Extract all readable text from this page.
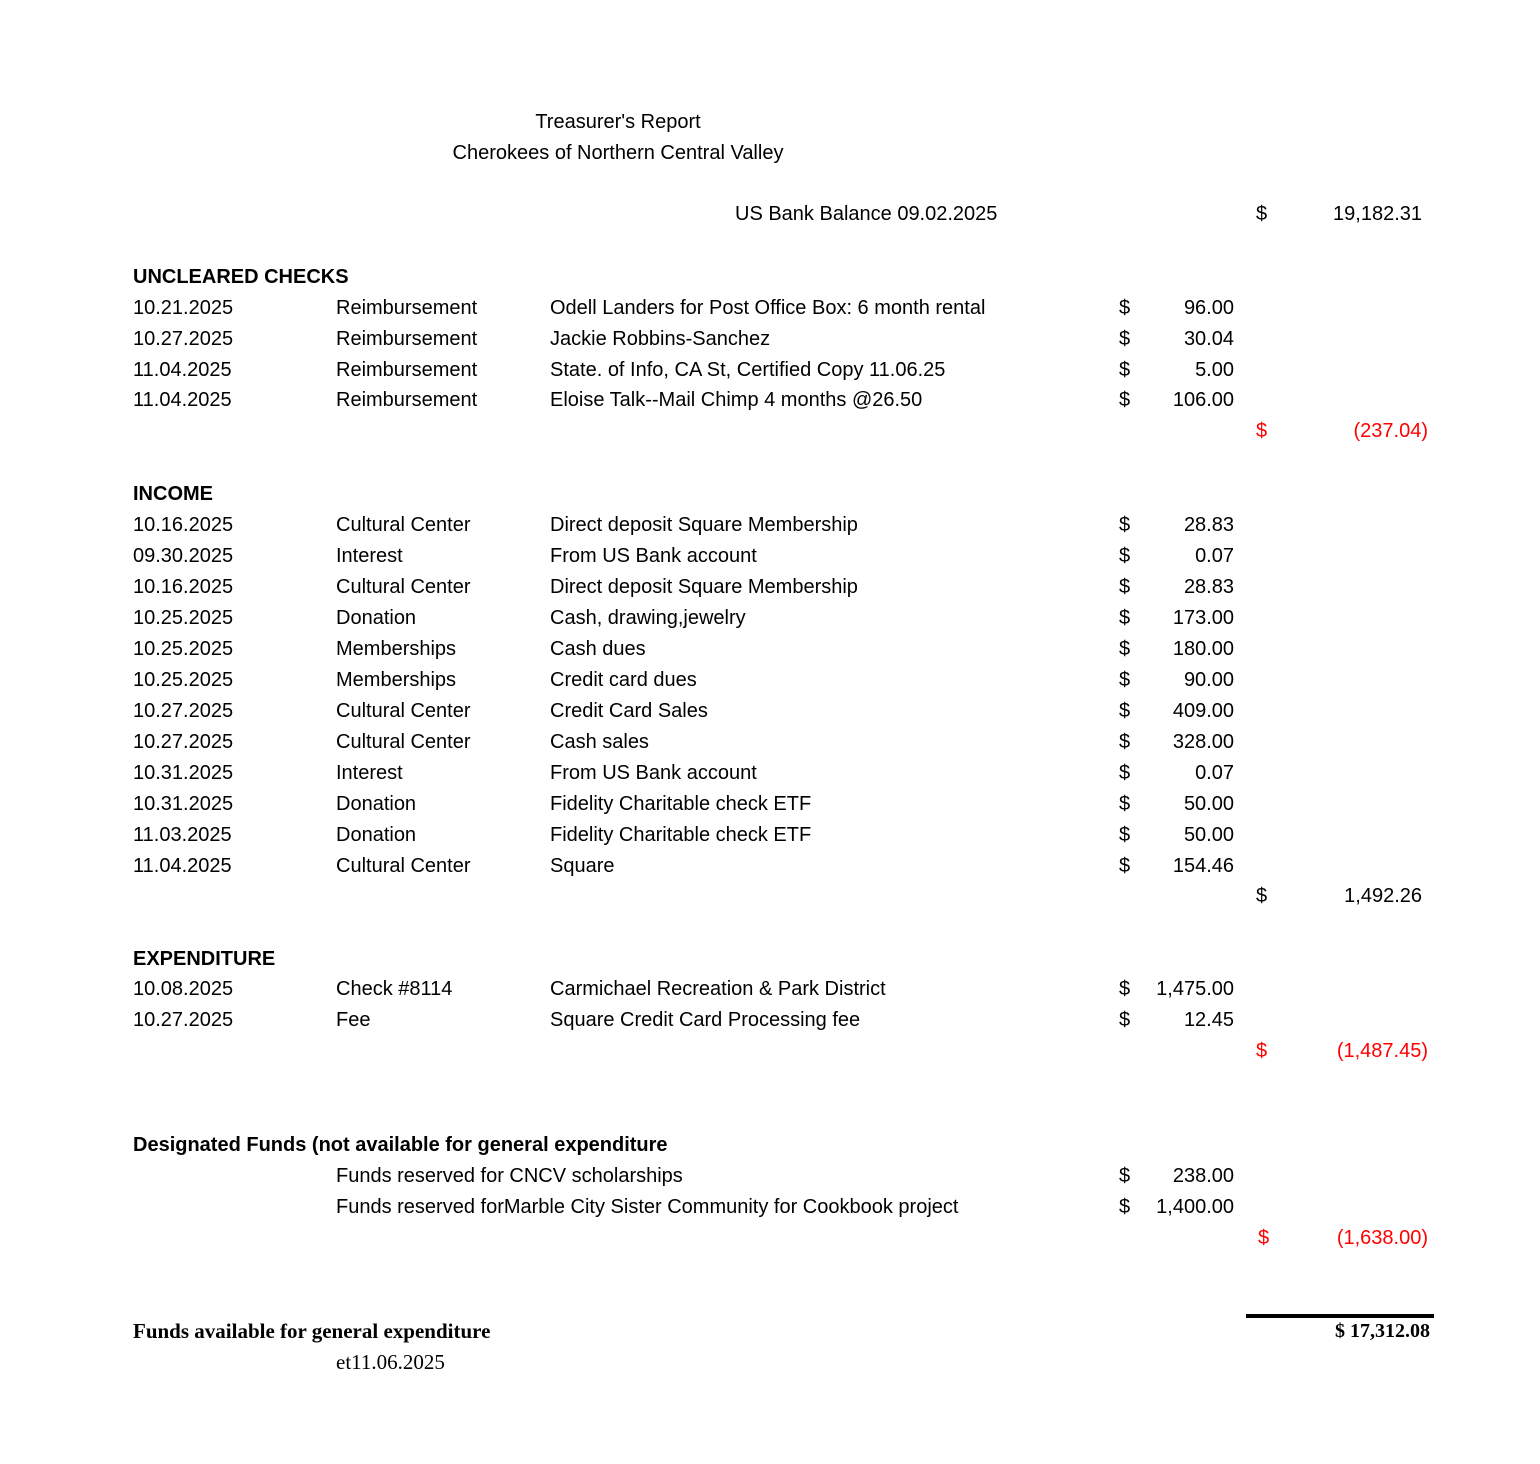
Treasurer's Report
Cherokees of Northern Central Valley
US Bank Balance 09.02.2025	$	19,182.31
UNCLEARED CHECKS
10.21.2025	Reimbursement	Odell Landers for Post Office Box: 6 month rental	$	96.00
10.27.2025	Reimbursement	Jackie Robbins-Sanchez	$	30.04
11.04.2025	Reimbursement	State. of Info, CA St, Certified Copy 11.06.25	$	5.00
11.04.2025	Reimbursement	Eloise Talk--Mail Chimp 4 months @26.50	$ 106.00
$	(237.04)
INCOME
10.16.2025	Cultural Center	Direct deposit Square Membership	$	28.83
09.30.2025	Interest	From US Bank account	$	0.07
10.16.2025	Cultural Center	Direct deposit Square Membership	$	28.83
10.25.2025	Donation	Cash, drawing,jewelry	$ 173.00
10.25.2025	Memberships	Cash dues	$ 180.00
10.25.2025	Memberships	Credit card dues	$	90.00
10.27.2025	Cultural Center	Credit Card Sales	$ 409.00
10.27.2025	Cultural Center	Cash sales	$ 328.00
10.31.2025	Interest	From US Bank account	$	0.07
10.31.2025	Donation	Fidelity Charitable check ETF	$	50.00
11.03.2025	Donation	Fidelity Charitable check ETF	$	50.00
11.04.2025	Cultural Center	Square	$ 154.46
$	1,492.26
EXPENDITURE
10.08.2025	Check #8114	Carmichael Recreation & Park District	$ 1,475.00
10.27.2025	Fee	Square Credit Card Processing fee	$	12.45
$	(1,487.45)
Designated Funds (not available for general expenditure
Funds reserved for CNCV scholarships	$ 238.00
Funds reserved forMarble City Sister Community for Cookbook project	$ 1,400.00
$	(1,638.00)
Funds available for general expenditure	$ 17,312.08
et11.06.2025
